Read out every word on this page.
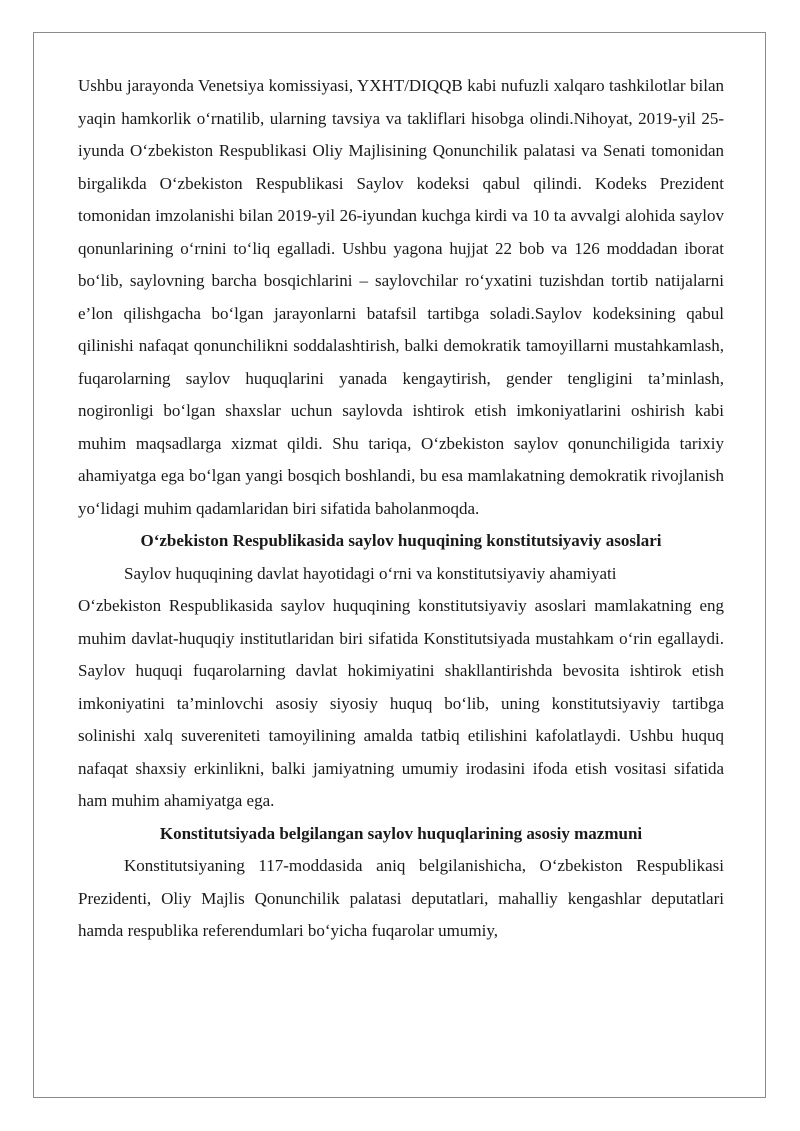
Ushbu jarayonda Venetsiya komissiyasi, YXHT/DIQQB kabi nufuzli xalqaro tashkilotlar bilan yaqin hamkorlik o‘rnatilib, ularning tavsiya va takliflari hisobga olindi.Nihoyat, 2019-yil 25-iyunda O‘zbekiston Respublikasi Oliy Majlisining Qonunchilik palatasi va Senati tomonidan birgalikda O‘zbekiston Respublikasi Saylov kodeksi qabul qilindi. Kodeks Prezident tomonidan imzolanishi bilan 2019-yil 26-iyundan kuchga kirdi va 10 ta avvalgi alohida saylov qonunlarining o‘rnini to‘liq egalladi. Ushbu yagona hujjat 22 bob va 126 moddadan iborat bo‘lib, saylovning barcha bosqichlarini – saylovchilar ro‘yxatini tuzishdan tortib natijalarni e’lon qilishgacha bo‘lgan jarayonlarni batafsil tartibga soladi.Saylov kodeksining qabul qilinishi nafaqat qonunchilikni soddalashtirish, balki demokratik tamoyillarni mustahkamlash, fuqarolarning saylov huquqlarini yanada kengaytirish, gender tengligini ta’minlash, nogironligi bo‘lgan shaxslar uchun saylovda ishtirok etish imkoniyatlarini oshirish kabi muhim maqsadlarga xizmat qildi. Shu tariqa, O‘zbekiston saylov qonunchiligida tarixiy ahamiyatga ega bo‘lgan yangi bosqich boshlandi, bu esa mamlakatning demokratik rivojlanish yo‘lidagi muhim qadamlaridan biri sifatida baholanmoqda.

O‘zbekiston Respublikasida saylov huquqining konstitutsiyaviy asoslari

Saylov huquqining davlat hayotidagi o‘rni va konstitutsiyaviy ahamiyati

O‘zbekiston Respublikasida saylov huquqining konstitutsiyaviy asoslari mamlakatning eng muhim davlat-huquqiy institutlaridan biri sifatida Konstitutsiyada mustahkam o‘rin egallaydi. Saylov huquqi fuqarolarning davlat hokimiyatini shakllantirishda bevosita ishtirok etish imkoniyatini ta’minlovchi asosiy siyosiy huquq bo‘lib, uning konstitutsiyaviy tartibga solinishi xalq suvereniteti tamoyilining amalda tatbiq etilishini kafolatlaydi. Ushbu huquq nafaqat shaxsiy erkinlikni, balki jamiyatning umumiy irodasini ifoda etish vositasi sifatida ham muhim ahamiyatga ega.

Konstitutsiyada belgilangan saylov huquqlarining asosiy mazmuni

Konstitutsiyaning 117-moddasida aniq belgilanishicha, O‘zbekiston Respublikasi Prezidenti, Oliy Majlis Qonunchilik palatasi deputatlari, mahalliy kengashlar deputatlari hamda respublika referendumlari bo‘yicha fuqarolar umumiy,
